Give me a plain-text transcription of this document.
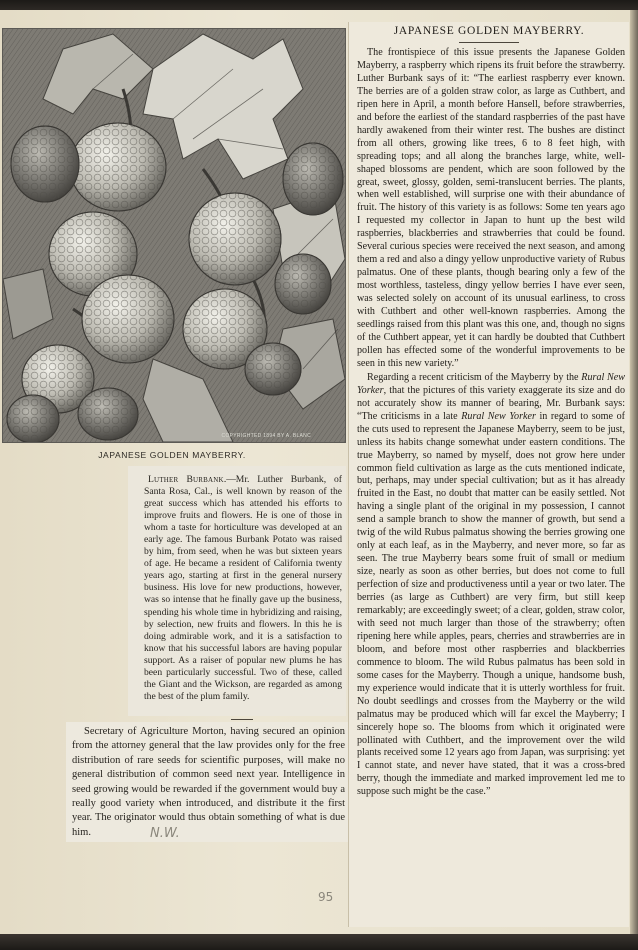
COPYRIGHTED 1894 BY A. BLANC
JAPANESE GOLDEN MAYBERRY.

Luther Burbank.—Mr. Luther Burbank, of Santa Rosa, Cal., is well known by reason of the great success which has attended his efforts to improve fruits and flowers. He is one of those in whom a taste for horticulture was developed at an early age. The famous Burbank Potato was raised by him, from seed, when he was but sixteen years of age. He became a resident of California twenty years ago, starting at first in the general nursery business. His love for new productions, however, was so intense that he finally gave up the business, spending his whole time in hybridizing and raising, by selection, new fruits and flowers. In this he is doing admirable work, and it is a satisfaction to know that his successful labors are having popular support. As a raiser of popular new plums he has been particularly successful. Two of these, called the Giant and the Wickson, are regarded as among the best of the plum family.

Secretary of Agriculture Morton, having secured an opinion from the attorney general that the law provides only for the free distribution of rare seeds for scientific purposes, will make no general distribution of common seed next year. Intelligence in seed growing would be rewarded if the government would buy a really good variety when introduced, and distribute it the first year. The originator would thus obtain something of what is due him.	N.W.
JAPANESE GOLDEN MAYBERRY.

The frontispiece of this issue presents the Japanese Golden Mayberry, a raspberry which ripens its fruit before the strawberry. Luther Burbank says of it: “The earliest raspberry ever known. The berries are of a golden straw color, as large as Cuthbert, and ripen here in April, a month before Hansell, before strawberries, and before the earliest of the standard raspberries of the past have hardly awakened from their winter rest. The bushes are distinct from all others, growing like trees, 6 to 8 feet high, with spreading tops; and all along the branches large, white, well-shaped blossoms are pendent, which are soon followed by the great, sweet, glossy, golden, semi-translucent berries. The plants, when well established, will surprise one with their abundance of fruit. The history of this variety is as follows: Some ten years ago I requested my collector in Japan to hunt up the best wild raspberries, blackberries and strawberries that could be found. Several curious species were received the next season, and among them a red and also a dingy yellow unproductive variety of Rubus palmatus. One of these plants, though bearing only a few of the most worthless, tasteless, dingy yellow berries I have ever seen, was selected solely on account of its unusual earliness, to cross with Cuthbert and other well-known raspberries. Among the seedlings raised from this plant was this one, and, though no signs of the Cuthbert appear, yet it can hardly be doubted that Cuthbert pollen has effected some of the wonderful improvements to be seen in this new variety.”

Regarding a recent criticism of the Mayberry by the Rural New Yorker, that the pictures of this variety exaggerate its size and do not accurately show its manner of bearing, Mr. Burbank says: “The criticisms in a late Rural New Yorker in regard to some of the cuts used to represent the Japanese Mayberry, seem to be just, unless its habits change somewhat under eastern conditions. The true Mayberry, so named by myself, does not grow here under common field cultivation as large as the cuts mentioned indicate, but, perhaps, may under special cultivation; but as it has already fruited in the East, no doubt that matter can be easily settled. Not having a single plant of the original in my possession, I cannot send a sample branch to show the manner of growth, but send a twig of the wild Rubus palmatus showing the berries growing one only at each leaf, as in the Mayberry, and never more, so far as seen. The true Mayberry bears some fruit of small or medium size, nearly as soon as other berries, but does not come to full perfection of size and productiveness until a year or two later. The berries (as large as Cuthbert) are very firm, but still keep remarkably; are exceedingly sweet; of a clear, golden, straw color, with seed not much larger than those of the strawberry; often ripening here while apples, pears, cherries and strawberries are in bloom, and before most other raspberries and blackberries commence to bloom. The wild Rubus palmatus has been sold in some cases for the Mayberry. Though a unique, handsome bush, my experience would indicate that it is utterly worthless for fruit. No doubt seedlings and crosses from the Mayberry or the wild palmatus may be produced which will far excel the Mayberry; I sincerely hope so. The blooms from which it originated were pollinated with Cuthbert, and the improvement over the wild plants received some 12 years ago from Japan, was surprising: yet I cannot state, and never have stated, that it was a cross-bred berry, though the immediate and marked improvement led me to suppose such might be the case.”

95
